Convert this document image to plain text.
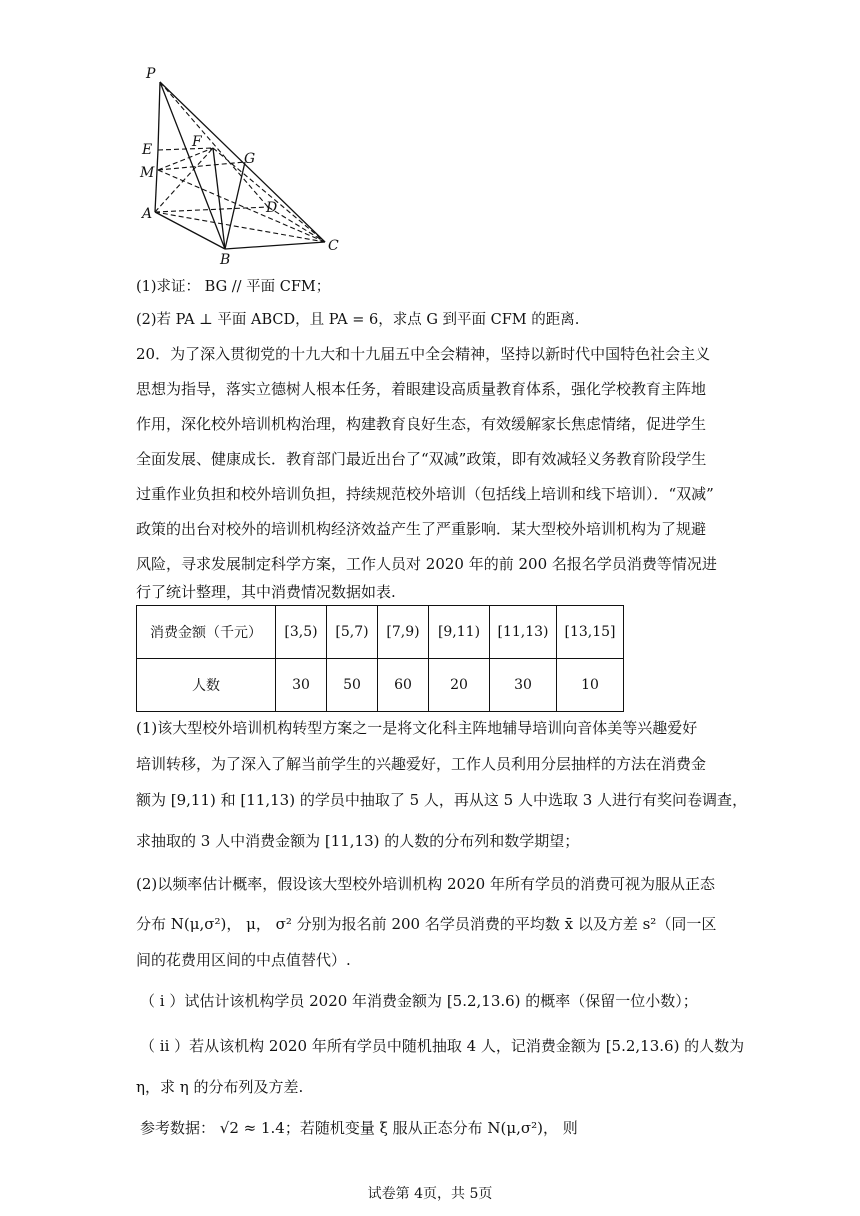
P
E	F
G
M
D
A
B
C
(1)求证： BG // 平面 CFM；
(2)若 PA ⊥ 平面 ABCD，且 PA = 6，求点 G 到平面 CFM 的距离.
20．为了深入贯彻党的十九大和十九届五中全会精神，坚持以新时代中国特色社会主义
思想为指导，落实立德树人根本任务，着眼建设高质量教育体系，强化学校教育主阵地
作用，深化校外培训机构治理，构建教育良好生态，有效缓解家长焦虑情绪，促进学生
全面发展、健康成长．教育部门最近出台了“双减”政策，即有效减轻义务教育阶段学生
过重作业负担和校外培训负担，持续规范校外培训（包括线上培训和线下培训）．“双减”
政策的出台对校外的培训机构经济效益产生了严重影响．某大型校外培训机构为了规避
风险，寻求发展制定科学方案，工作人员对 2020 年的前 200 名报名学员消费等情况进
行了统计整理，其中消费情况数据如表.
消费金额（千元）	[3,5)	[5,7)	[7,9)	[9,11)	[11,13)	[13,15]
人数	30	50	60	20	30	10
(1)该大型校外培训机构转型方案之一是将文化科主阵地辅导培训向音体美等兴趣爱好
培训转移，为了深入了解当前学生的兴趣爱好，工作人员利用分层抽样的方法在消费金
额为 [9,11) 和 [11,13) 的学员中抽取了 5 人，再从这 5 人中选取 3 人进行有奖问卷调查，
求抽取的 3 人中消费金额为 [11,13) 的人数的分布列和数学期望；
(2)以频率估计概率，假设该大型校外培训机构 2020 年所有学员的消费可视为服从正态
分布 N(μ,σ²)， μ， σ² 分别为报名前 200 名学员消费的平均数 x̄ 以及方差 s²（同一区
间的花费用区间的中点值替代）.
（ i ）试估计该机构学员 2020 年消费金额为 [5.2,13.6) 的概率（保留一位小数）；
（ ii ）若从该机构 2020 年所有学员中随机抽取 4 人，记消费金额为 [5.2,13.6) 的人数为
η，求 η 的分布列及方差.
参考数据： √2 ≈ 1.4；若随机变量 ξ 服从正态分布 N(μ,σ²)， 则
试卷第 4页，共 5页
